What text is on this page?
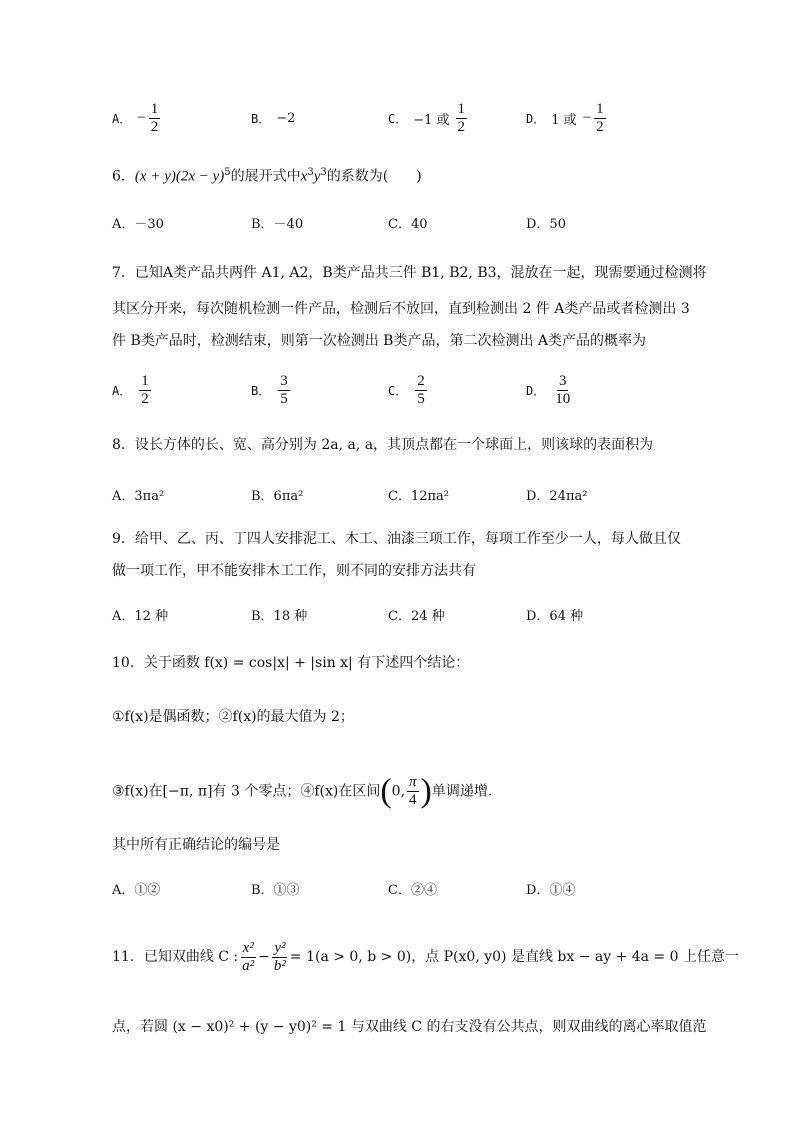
A． − $\frac{1}{2}$	B． −2	C． −1 或 $\frac{1}{2}$	D． 1 或 − $\frac{1}{2}$
6．$(x + y)(2x - y)^5$的展开式中$x^3y^3$的系数为(　　)
A．－30	B．－40	C．40	D．50
7．已知A类产品共两件 A1, A2，B类产品共三件 B1, B2, B3，混放在一起，现需要通过检测将
其区分开来，每次随机检测一件产品，检测后不放回，直到检测出 2 件 A类产品或者检测出 3
件 B类产品时，检测结束，则第一次检测出 B类产品，第二次检测出 A类产品的概率为
A． $\frac{1}{2}$	B． $\frac{3}{5}$	C． $\frac{2}{5}$	D． $\frac{3}{10}$
8．设长方体的长、宽、高分别为 2a, a, a，其顶点都在一个球面上，则该球的表面积为
A．3πa²	B．6πa²	C．12πa²	D．24πa²
9．给甲、乙、丙、丁四人安排泥工、木工、油漆三项工作，每项工作至少一人，每人做且仅
做一项工作，甲不能安排木工工作，则不同的安排方法共有
A．12 种	B．18 种	C．24 种	D．64 种
10．关于函数 f(x) = cos|x| + |sin x| 有下述四个结论：
①f(x)是偶函数；②f(x)的最大值为 2；
③f(x)在[−π, π]有 3 个零点；④f(x)在区间(0, $\frac{\pi}{4}$ )单调递增.
其中所有正确结论的编号是
A．①②	B．①③	C．②④	D．①④
11．已知双曲线 C : $\frac{\text{x²}}{\text{a²}} - \frac{\text{y²}}{\text{b²}} = 1(a > 0$, b > 0)，点 P(x0, y0) 是直线 bx − ay + 4a = 0 上任意一
点，若圆 (x − x0)² + (y − y0)² = 1 与双曲线 C 的右支没有公共点，则双曲线的离心率取值范
